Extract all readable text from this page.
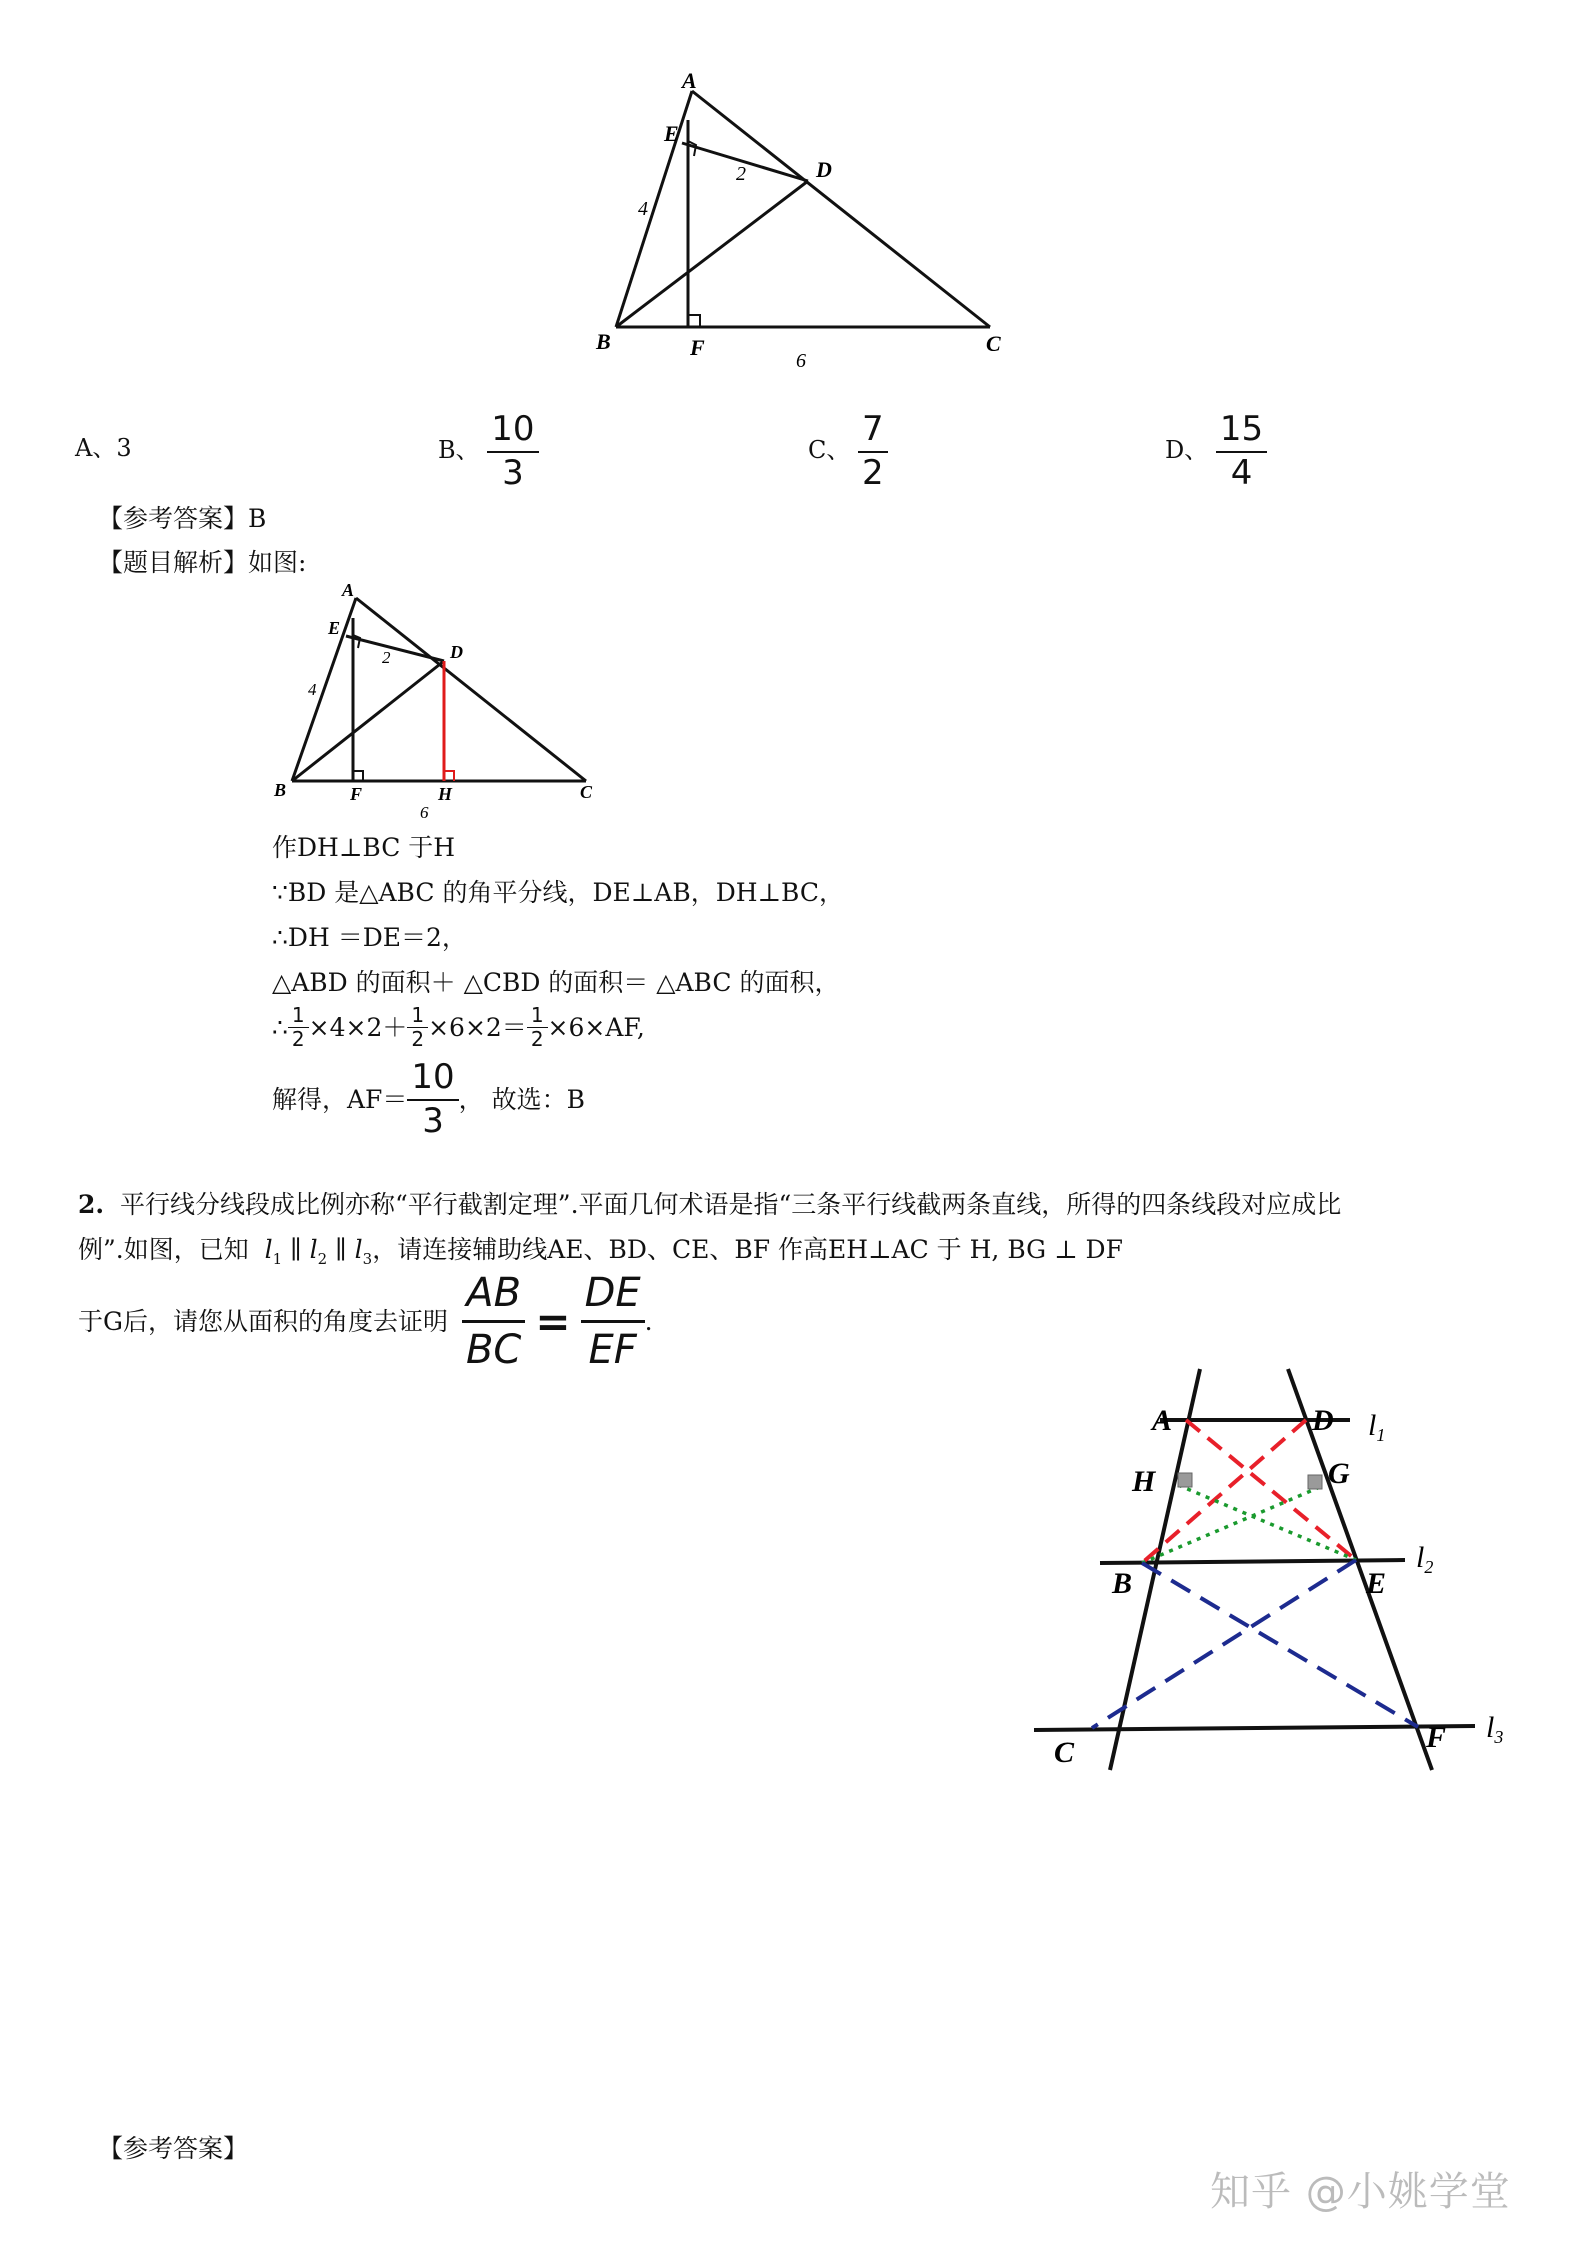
A
E
D
B	F	C
2
4
6
A、3	B、 $\frac{10}{3}$	C、 $\frac{7}{2}$	D、 $\frac{15}{4}$
【参考答案】B
【题目解析】如图:
A
E
D
B	F	H	C
2
4
6
作DH⊥BC 于H
∵BD 是△ABC 的角平分线，DE⊥AB，DH⊥BC，
∴DH ＝DE＝2，
△ABD 的面积＋ △CBD 的面积＝ △ABC 的面积，
∴ $\frac{1}{2} \times 4\times 2+ \frac{1}{2} \times 6\times 2= \frac{1}{2} \times 6\times AF$,
解得，$AF= \frac{10}{3}$ ， 故选：B
2. 平行线分线段成比例亦称“平行截割定理”.平面几何术语是指“三条平行线截两条直线，所得的四条线段对应成比
例”.如图，已知 $l_1$ ∥ $l_2$ ∥ $l_3$，请连接辅助线AE、BD、CE、BF 作高EH⊥AC 于 H, BG ⊥ DF
于G后，请您从面积的角度去证明 $\frac{AB}{BC} = \frac{DE}{EF}$ .
A	D
H	G
B	E
C	F
$l_1$
$l_2$
$l_3$
【参考答案】
知乎 @小姚学堂
